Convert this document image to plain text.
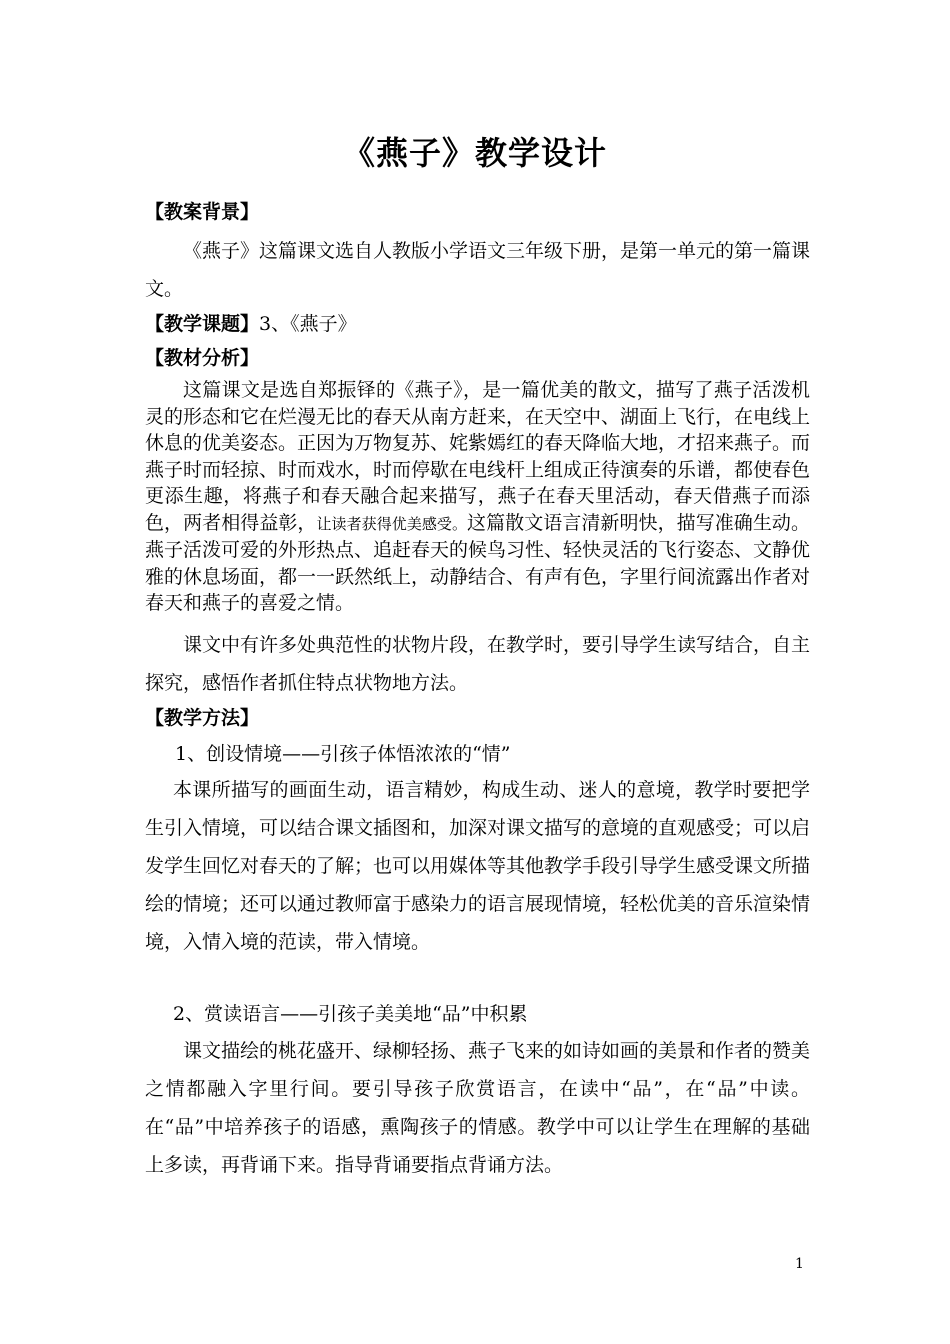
《燕子》教学设计
【教案背景】
《燕子》这篇课文选自人教版小学语文三年级下册，是第一单元的第一篇课文。
【教学课题】 3、《燕子》
【教材分析】
这篇课文是选自郑振铎的《燕子》，是一篇优美的散文，描写了燕子活泼机灵的形态和它在烂漫无比的春天从南方赶来，在天空中、湖面上飞行，在电线上休息的优美姿态。正因为万物复苏、姹紫嫣红的春天降临大地，才招来燕子。而燕子时而轻掠、时而戏水，时而停歇在电线杆上组成正待演奏的乐谱，都使春色更添生趣，将燕子和春天融合起来描写，燕子在春天里活动，春天借燕子而添色，两者相得益彰，让读者获得优美感受。这篇散文语言清新明快，描写准确生动。燕子活泼可爱的外形热点、追赶春天的候鸟习性、轻快灵活的飞行姿态、文静优雅的休息场面，都一一跃然纸上，动静结合、有声有色，字里行间流露出作者对春天和燕子的喜爱之情。
课文中有许多处典范性的状物片段，在教学时，要引导学生读写结合，自主探究，感悟作者抓住特点状物地方法。
【教学方法】
1、创设情境——引孩子体悟浓浓的“情”
本课所描写的画面生动，语言精妙，构成生动、迷人的意境，教学时要把学生引入情境，可以结合课文插图和，加深对课文描写的意境的直观感受；可以启发学生回忆对春天的了解；也可以用媒体等其他教学手段引导学生感受课文所描绘的情境；还可以通过教师富于感染力的语言展现情境，轻松优美的音乐渲染情境，入情入境的范读，带入情境。
2、赏读语言——引孩子美美地“品”中积累
课文描绘的桃花盛开、绿柳轻扬、燕子飞来的如诗如画的美景和作者的赞美之情都融入字里行间。要引导孩子欣赏语言，在读中“品”，在“品”中读。在“品”中培养孩子的语感，熏陶孩子的情感。教学中可以让学生在理解的基础上多读，再背诵下来。指导背诵要指点背诵方法。
1
